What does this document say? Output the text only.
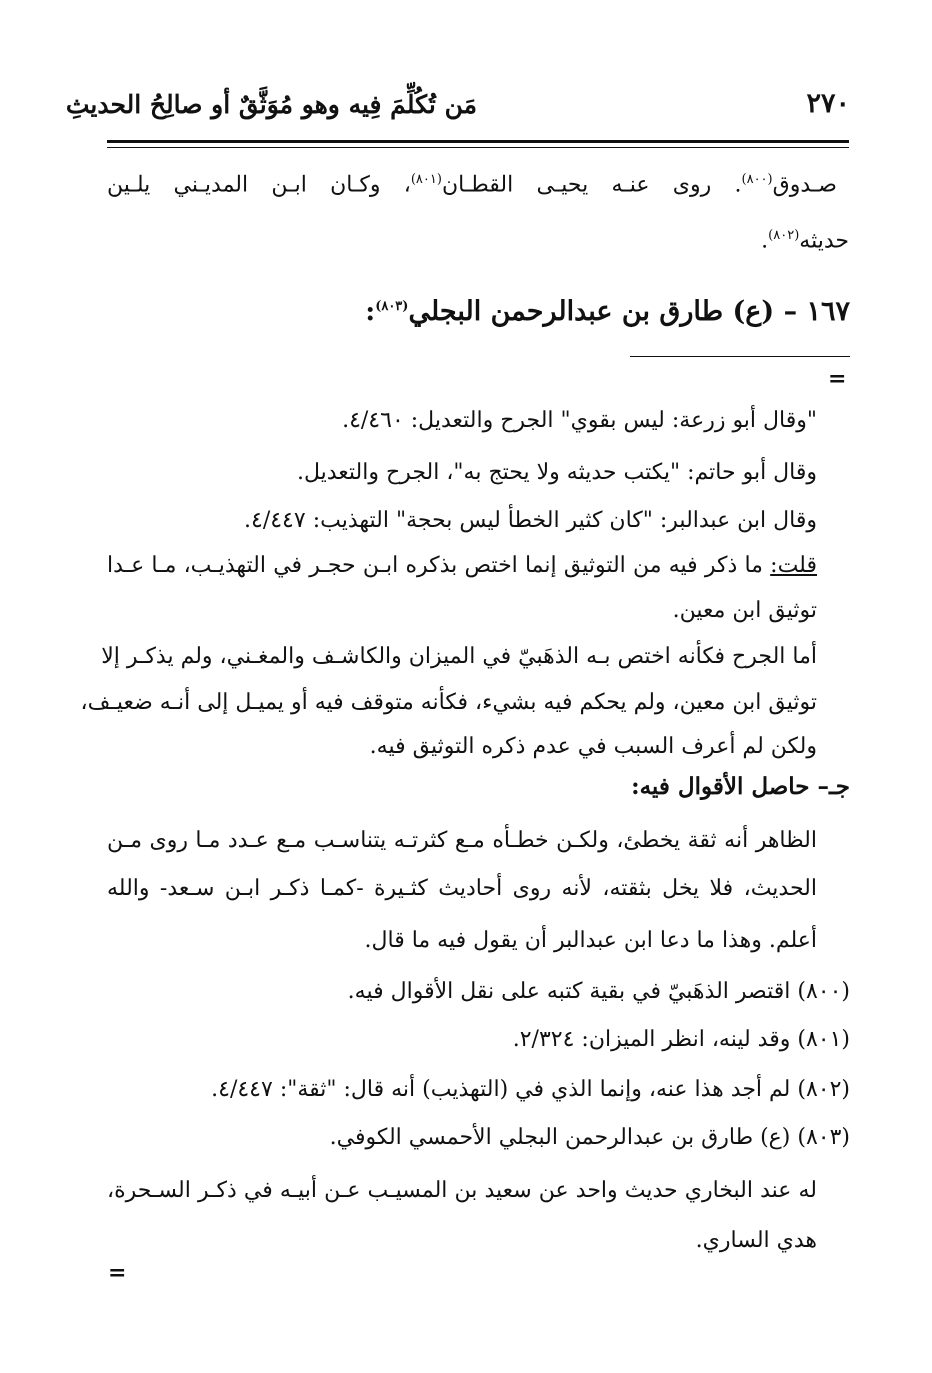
مَن تُكُلِّمَ فِيه وهو مُوَثَّقٌ أو صالِحُ الحديثِ	٢٧٠
صـدوق$^{(٨٠٠)}$. روى عنـه يحيـى القطـان$^{(٨٠١)}$، وكـان ابـن المديـني يلـين
حديثه$^{(٨٠٢)}$.
١٦٧ – (ع) طارق بن عبدالرحمن البجلي$^{(٨٠٣)}$:
=
"وقال أبو زرعة: ليس بقوي" الجرح والتعديل: ٤/٤٦٠.
وقال أبو حاتم: "يكتب حديثه ولا يحتج به"، الجرح والتعديل.
وقال ابن عبدالبر: "كان كثير الخطأ ليس بحجة" التهذيب: ٤/٤٤٧.
قلت: ما ذكر فيه من التوثيق إنما اختص بذكره ابـن حجـر في التهذيـب، مـا عـدا
توثيق ابن معين.
أما الجرح فكأنه اختص بـه الذهَبيّ في الميزان والكاشـف والمغـني، ولم يذكـر إلا
توثيق ابن معين، ولم يحكم فيه بشيء، فكأنه متوقف فيه أو يميـل إلى أنـه ضعيـف،
ولكن لم أعرف السبب في عدم ذكره التوثيق فيه.
جـ– حاصل الأقوال فيه:
الظاهر أنه ثقة يخطئ، ولكـن خطـأه مـع كثرتـه يتناسـب مـع عـدد مـا روى مـن
الحديث، فلا يخل بثقته، لأنه روى أحاديث كثـيرة -كمـا ذكـر ابـن سـعد- والله
أعلم. وهذا ما دعا ابن عبدالبر أن يقول فيه ما قال.
(٨٠٠) اقتصر الذهَبيّ في بقية كتبه على نقل الأقوال فيه.
(٨٠١) وقد لينه، انظر الميزان: ٢/٣٢٤.
(٨٠٢) لم أجد هذا عنه، وإنما الذي في (التهذيب) أنه قال: "ثقة": ٤/٤٤٧.
(٨٠٣) (ع) طارق بن عبدالرحمن البجلي الأحمسي الكوفي.
له عند البخاري حديث واحد عن سعيد بن المسيـب عـن أبيـه في ذكـر السـحرة،
هدي الساري.
=
